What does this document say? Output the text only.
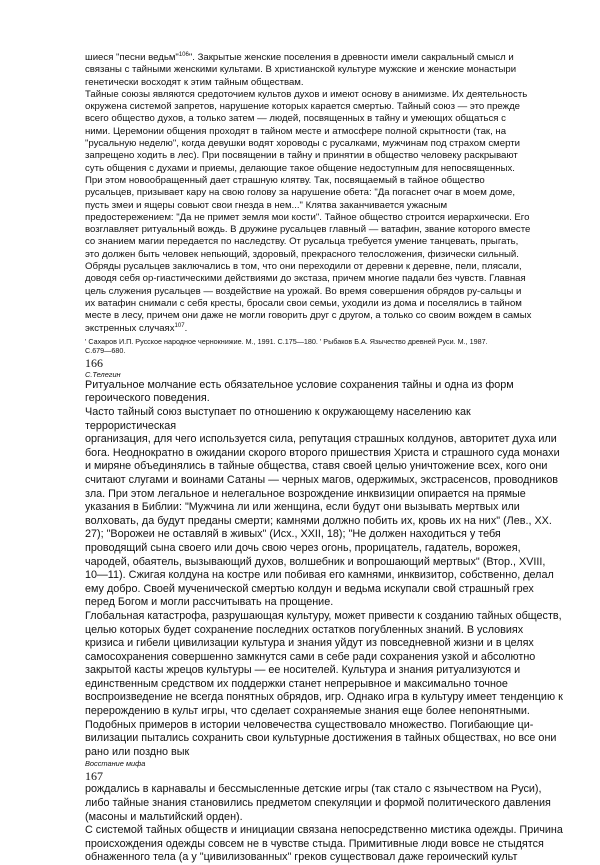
шиеся "песни ведьм"$^{106}$". Закрытые женские поселения в древности имели сакральный смысл и
связаны с тайными женскими культами. В христианской культуре мужские и женские монастыри
генетически восходят к этим тайным обществам.
Тайные союзы являются средоточием культов духов и имеют основу в анимизме. Их деятельность
окружена системой запретов, нарушение которых карается смертью. Тайный союз — это прежде
всего общество духов, а только затем — людей, посвященных в тайну и умеющих общаться с
ними. Церемонии общения проходят в тайном месте и атмосфере полной скрытности (так, на
"русальную неделю", когда девушки водят хороводы с русалками, мужчинам под страхом смерти
запрещено ходить в лес). При посвящении в тайну и принятии в общество человеку раскрывают
суть общения с духами и приемы, делающие такое общение недоступным для непосвященных.
При этом новообращенный дает страшную клятву. Так, посвящаемый в тайное общество
русальцев, призывает кару на свою голову за нарушение обета: "Да погаснет очаг в моем доме,
пусть змеи и ящеры совьют свои гнезда в нем..." Клятва заканчивается ужасным
предостережением: "Да не примет земля мои кости". Тайное общество строится иерархически. Его
возглавляет ритуальный вождь. В дружине русальцев главный — ватафин, звание которого вместе
со знанием магии передается по наследству. От русальца требуется умение танцевать, прыгать,
это должен быть человек непьющий, здоровый, прекрасного телосложения, физически сильный.
Обряды русальцев заключались в том, что они переходили от деревни к деревне, пели, плясали,
доводя себя ор-гиастическими действиями до экстаза, причем многие падали без чувств. Главная
цель служения русальцев — воздействие на урожай. Во время совершения обрядов ру-сальцы и
их ватафин снимали с себя кресты, бросали свои семьи, уходили из дома и поселялись в тайном
месте в лесу, причем они даже не могли говорить друг с другом, а только со своим вождем в самых
экстренных случаях$^{107}$.

' Сахаров И.П. Русское народное чернокнижие. М., 1991. С.175—180. ' Рыбаков Б.А. Язычество древней Руси. М., 1987.
С.679—680.

166

С.Телегин

Ритуальное молчание есть обязательное условие сохранения тайны и одна из форм
героического поведения.
Часто тайный союз выступает по отношению к окружающему населению как террористическая
организация, для чего используется сила, репутация страшных колдунов, авторитет духа или
бога. Неоднократно в ожидании скорого второго пришествия Христа и страшного суда монахи
и миряне объединялись в тайные общества, ставя своей целью уничтожение всех, кого они
считают слугами и воинами Сатаны — черных магов, одержимых, экстрасенсов, проводников
зла. При этом легальное и нелегальное возрождение инквизиции опирается на прямые
указания в Библии: "Мужчина ли или женщина, если будут они вызывать мертвых или
волховать, да будут преданы смерти; камнями должно побить их, кровь их на них" (Лев., XX.
27); "Ворожеи не оставляй в живых" (Исх., XXII, 18); "Не должен находиться у тебя
проводящий сына своего или дочь свою через огонь, прорицатель, гадатель, ворожея,
чародей, обаятель, вызывающий духов, волшебник и вопрошающий мертвых" (Втор., XVIII,
10—11). Сжигая колдуна на костре или побивая его камнями, инквизитор, собственно, делал
ему добро. Своей мученической смертью колдун и ведьма искупали свой страшный грех
перед Богом и могли рассчитывать на прощение.
Глобальная катастрофа, разрушающая культуру, может привести к созданию тайных обществ,
целью которых будет сохранение последних остатков погубленных знаний. В условиях
кризиса и гибели цивилизации культура и знания уйдут из повседневной жизни и в целях
самосохранения совершенно замкнутся сами в себе ради сохранения узкой и абсолютно
закрытой касты жрецов культуры — ее носителей. Культура и знания ритуализуются и
единственным средством их поддержки станет непрерывное и максимально точное
воспроизведение не всегда понятных обрядов, игр. Однако игра в культуру имеет тенденцию к
перерождению в культ игры, что сделает сохраняемые знания еще более непонятными.
Подобных примеров в истории человечества существовало множество. Погибающие ци-
вилизации пытались сохранить свои культурные достижения в тайных обществах, но все они
рано или поздно вык

Восстание мифа

167

рождались в карнавалы и бессмысленные детские игры (так стало с язычеством на Руси),
либо тайные знания становились предметом спекуляции и формой политического давления
(масоны и мальтийский орден).
С системой тайных обществ и инициации связана непосредственно мистика одежды. Причина
происхождения одежды совсем не в чувстве стыда. Примитивные люди вовсе не стыдятся
обнаженного тела (а у "цивилизованных" греков существовал даже героический культ
